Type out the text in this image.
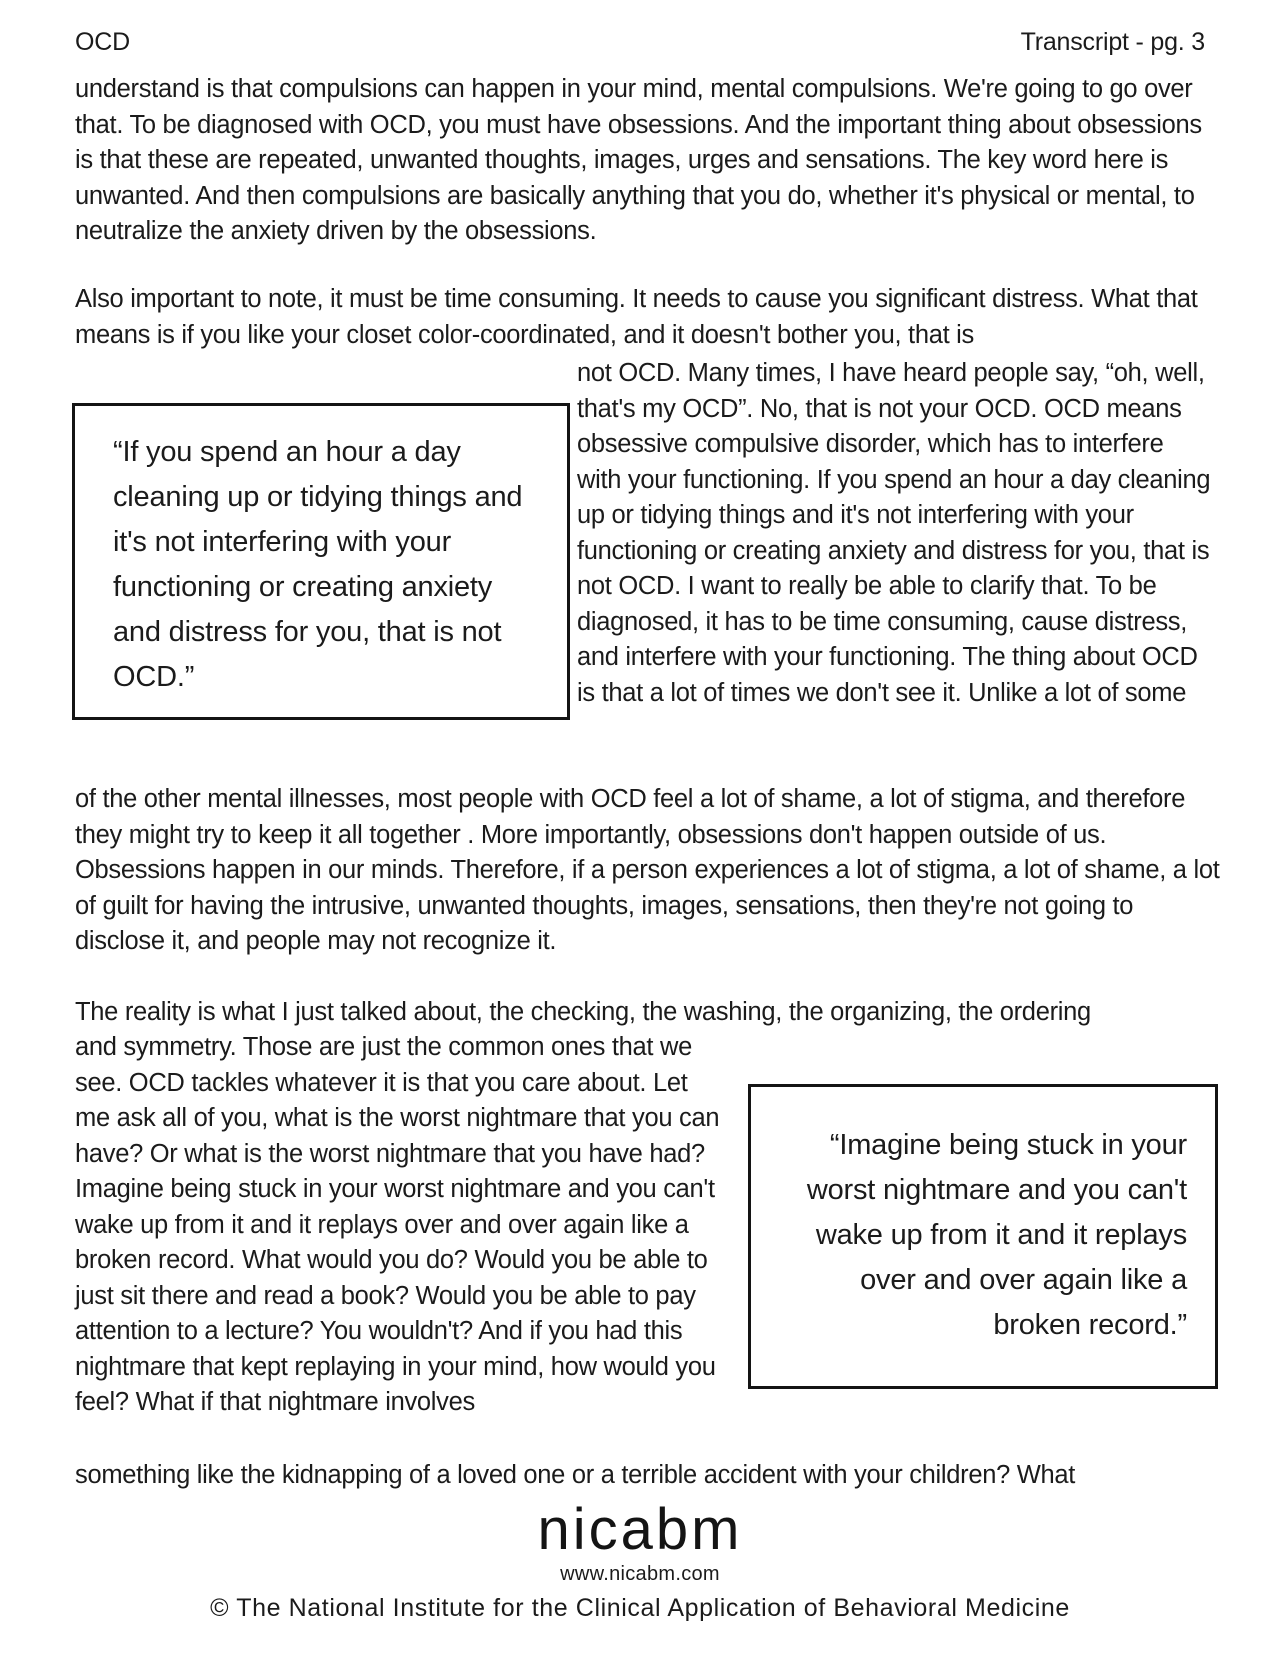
OCD	Transcript - pg. 3
understand is that compulsions can happen in your mind, mental compulsions. We're going to go over that. To be diagnosed with OCD, you must have obsessions. And the important thing about obsessions is that these are repeated, unwanted thoughts, images, urges and sensations. The key word here is unwanted. And then compulsions are basically anything that you do, whether it's physical or mental, to neutralize the anxiety driven by the obsessions.
Also important to note, it must be time consuming. It needs to cause you significant distress. What that means is if you like your closet color-coordinated, and it doesn't bother you, that is
“If you spend an hour a day cleaning up or tidying things and it's not interfering with your functioning or creating anxiety and distress for you, that is not OCD.”
not OCD. Many times, I have heard people say, “oh, well, that's my OCD”. No, that is not your OCD. OCD means obsessive compulsive disorder, which has to interfere with your functioning. If you spend an hour a day cleaning up or tidying things and it's not interfering with your functioning or creating anxiety and distress for you, that is not OCD. I want to really be able to clarify that. To be diagnosed, it has to be time consuming, cause distress, and interfere with your functioning. The thing about OCD is that a lot of times we don't see it. Unlike a lot of some
of the other mental illnesses, most people with OCD feel a lot of shame, a lot of stigma, and therefore they might try to keep it all together . More importantly, obsessions don't happen outside of us. Obsessions happen in our minds. Therefore, if a person experiences a lot of stigma, a lot of shame, a lot of guilt for having the intrusive, unwanted thoughts, images, sensations, then they're not going to disclose it, and people may not recognize it.
The reality is what I just talked about, the checking, the washing, the organizing, the ordering
“Imagine being stuck in your worst nightmare and you can't wake up from it and it replays over and over again like a broken record.”
and symmetry. Those are just the common ones that we see. OCD tackles whatever it is that you care about. Let me ask all of you, what is the worst nightmare that you can have? Or what is the worst nightmare that you have had? Imagine being stuck in your worst nightmare and you can't wake up from it and it replays over and over again like a broken record. What would you do? Would you be able to just sit there and read a book? Would you be able to pay attention to a lecture? You wouldn't? And if you had this nightmare that kept replaying in your mind, how would you feel? What if that nightmare involves
something like the kidnapping of a loved one or a terrible accident with your children? What
nicabm
www.nicabm.com
© The National Institute for the Clinical Application of Behavioral Medicine
